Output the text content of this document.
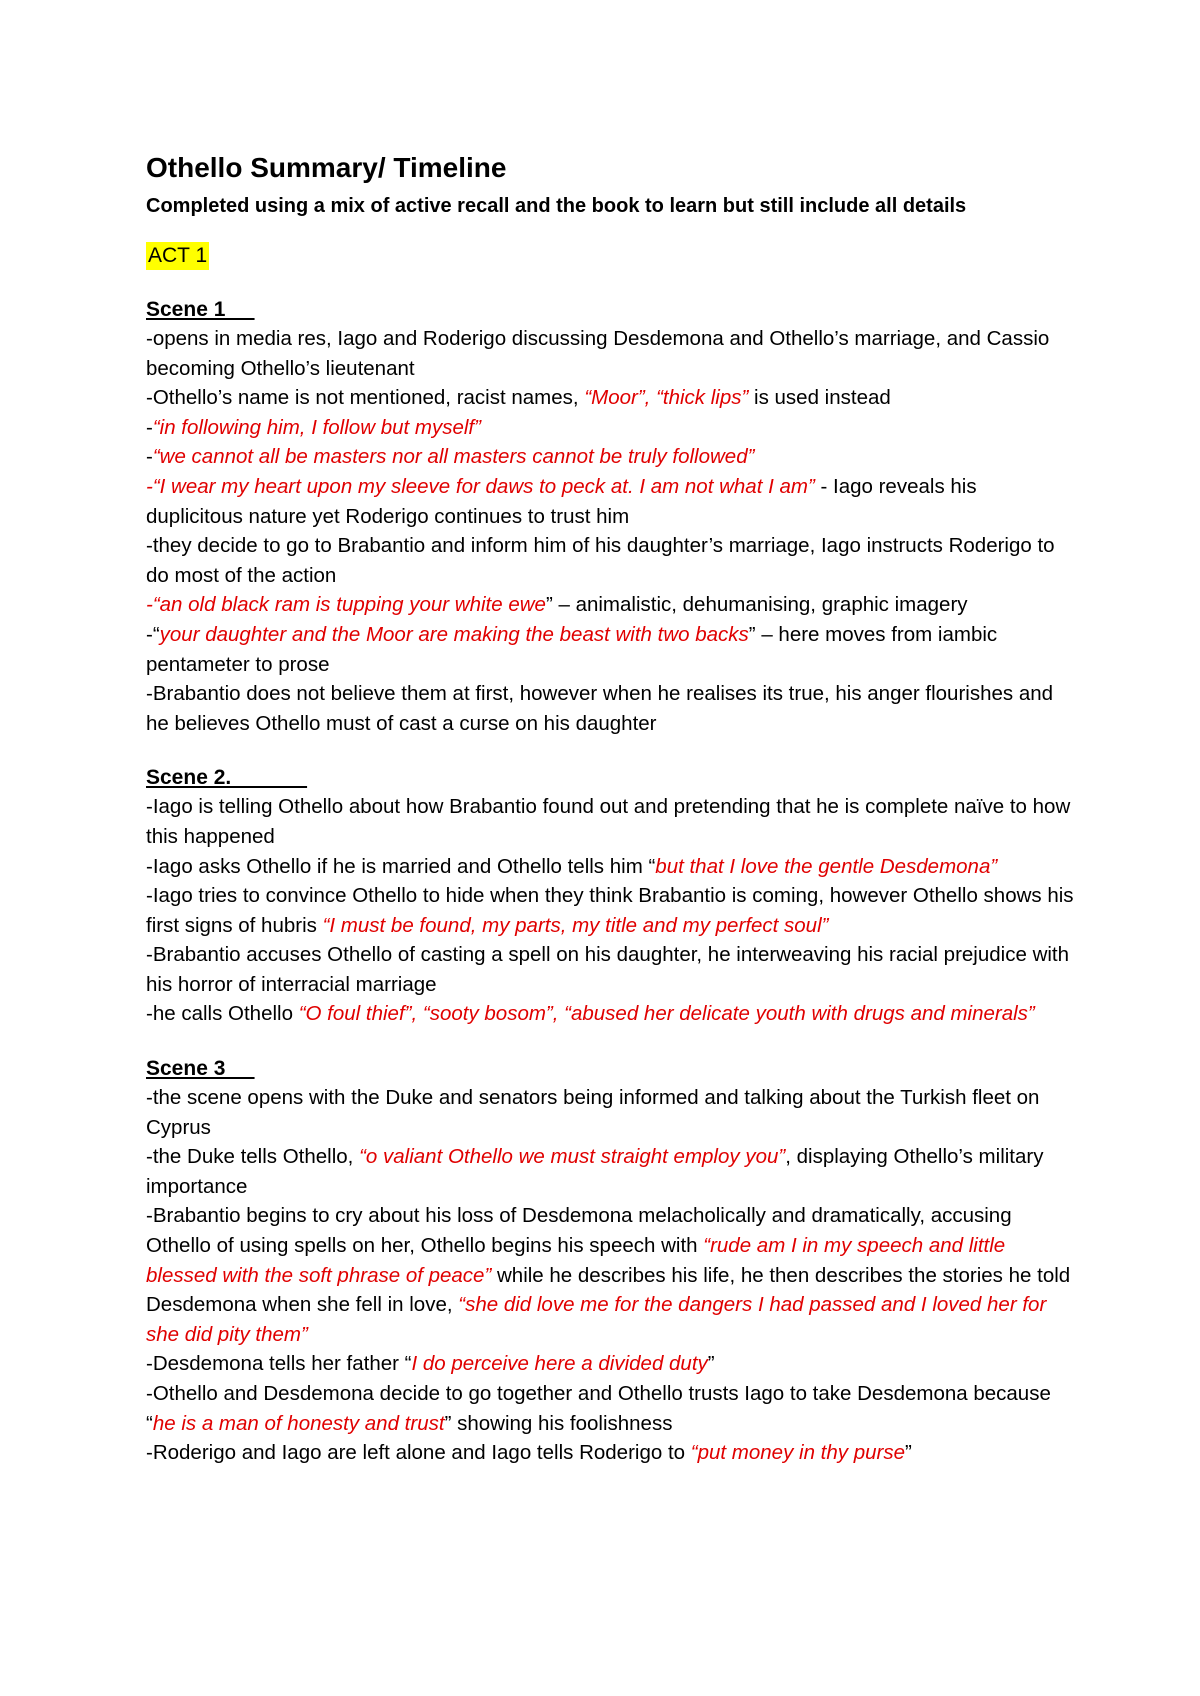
Othello Summary/ Timeline

Completed using a mix of active recall and the book to learn but still include all details

ACT 1
Scene 1

-opens in media res, Iago and Roderigo discussing Desdemona and Othello’s marriage, and Cassio becoming Othello’s lieutenant

-Othello’s name is not mentioned, racist names, “Moor”, “thick lips” is used instead

-“in following him, I follow but myself”

-“we cannot all be masters nor all masters cannot be truly followed”

-“I wear my heart upon my sleeve for daws to peck at. I am not what I am” - Iago reveals his duplicitous nature yet Roderigo continues to trust him

-they decide to go to Brabantio and inform him of his daughter’s marriage, Iago instructs Roderigo to do most of the action

-“an old black ram is tupping your white ewe” – animalistic, dehumanising, graphic imagery

-“your daughter and the Moor are making the beast with two backs” – here moves from iambic pentameter to prose

-Brabantio does not believe them at first, however when he realises its true, his anger flourishes and he believes Othello must of cast a curse on his daughter

Scene 2.

-Iago is telling Othello about how Brabantio found out and pretending that he is complete naïve to how this happened

-Iago asks Othello if he is married and Othello tells him “but that I love the gentle Desdemona”

-Iago tries to convince Othello to hide when they think Brabantio is coming, however Othello shows his first signs of hubris “I must be found, my parts, my title and my perfect soul”

-Brabantio accuses Othello of casting a spell on his daughter, he interweaving his racial prejudice with his horror of interracial marriage

-he calls Othello “O foul thief”, “sooty bosom”, “abused her delicate youth with drugs and minerals”

Scene 3

-the scene opens with the Duke and senators being informed and talking about the Turkish fleet on Cyprus

-the Duke tells Othello, “o valiant Othello we must straight employ you”, displaying Othello’s military importance

-Brabantio begins to cry about his loss of Desdemona melacholically and dramatically, accusing Othello of using spells on her, Othello begins his speech with “rude am I in my speech and little blessed with the soft phrase of peace” while he describes his life, he then describes the stories he told Desdemona when she fell in love, “she did love me for the dangers I had passed and I loved her for she did pity them”

-Desdemona tells her father “I do perceive here a divided duty”

-Othello and Desdemona decide to go together and Othello trusts Iago to take Desdemona because “he is a man of honesty and trust” showing his foolishness

-Roderigo and Iago are left alone and Iago tells Roderigo to “put money in thy purse”
